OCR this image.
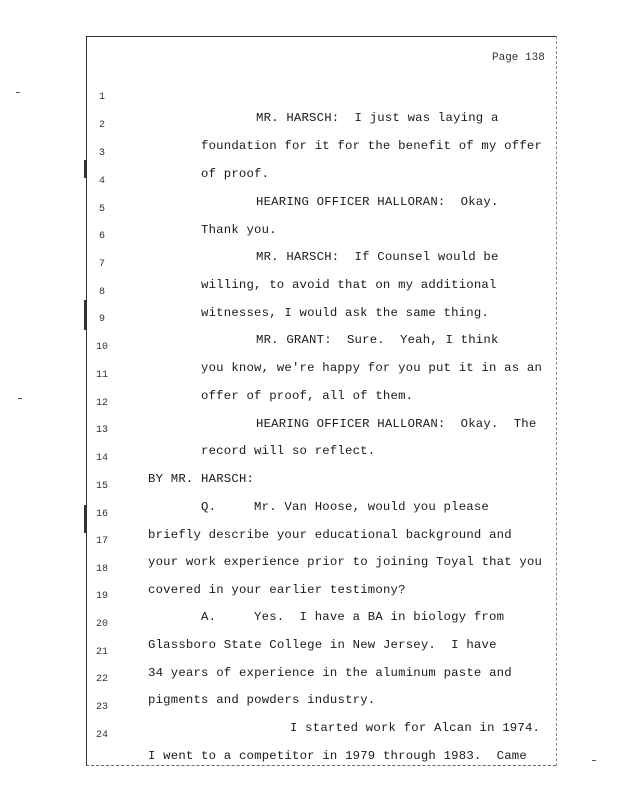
Page 138

1

MR. HARSCH:  I just was laying a

2

foundation for it for the benefit of my offer

3

of proof.

4

HEARING OFFICER HALLORAN:  Okay.

5

Thank you.

6

MR. HARSCH:  If Counsel would be

7

willing, to avoid that on my additional

8

witnesses, I would ask the same thing.

9

MR. GRANT:  Sure.  Yeah, I think

10

you know, we're happy for you put it in as an

11

offer of proof, all of them.

12

HEARING OFFICER HALLORAN:  Okay.  The

13

record will so reflect.

14

BY MR. HARSCH:

15

Q.     Mr. Van Hoose, would you please

16

briefly describe your educational background and

17

your work experience prior to joining Toyal that you

18

covered in your earlier testimony?

19

A.     Yes.  I have a BA in biology from

20

Glassboro State College in New Jersey.  I have

21

34 years of experience in the aluminum paste and

22

pigments and powders industry.

23

I started work for Alcan in 1974.

24

I went to a competitor in 1979 through 1983.  Came
